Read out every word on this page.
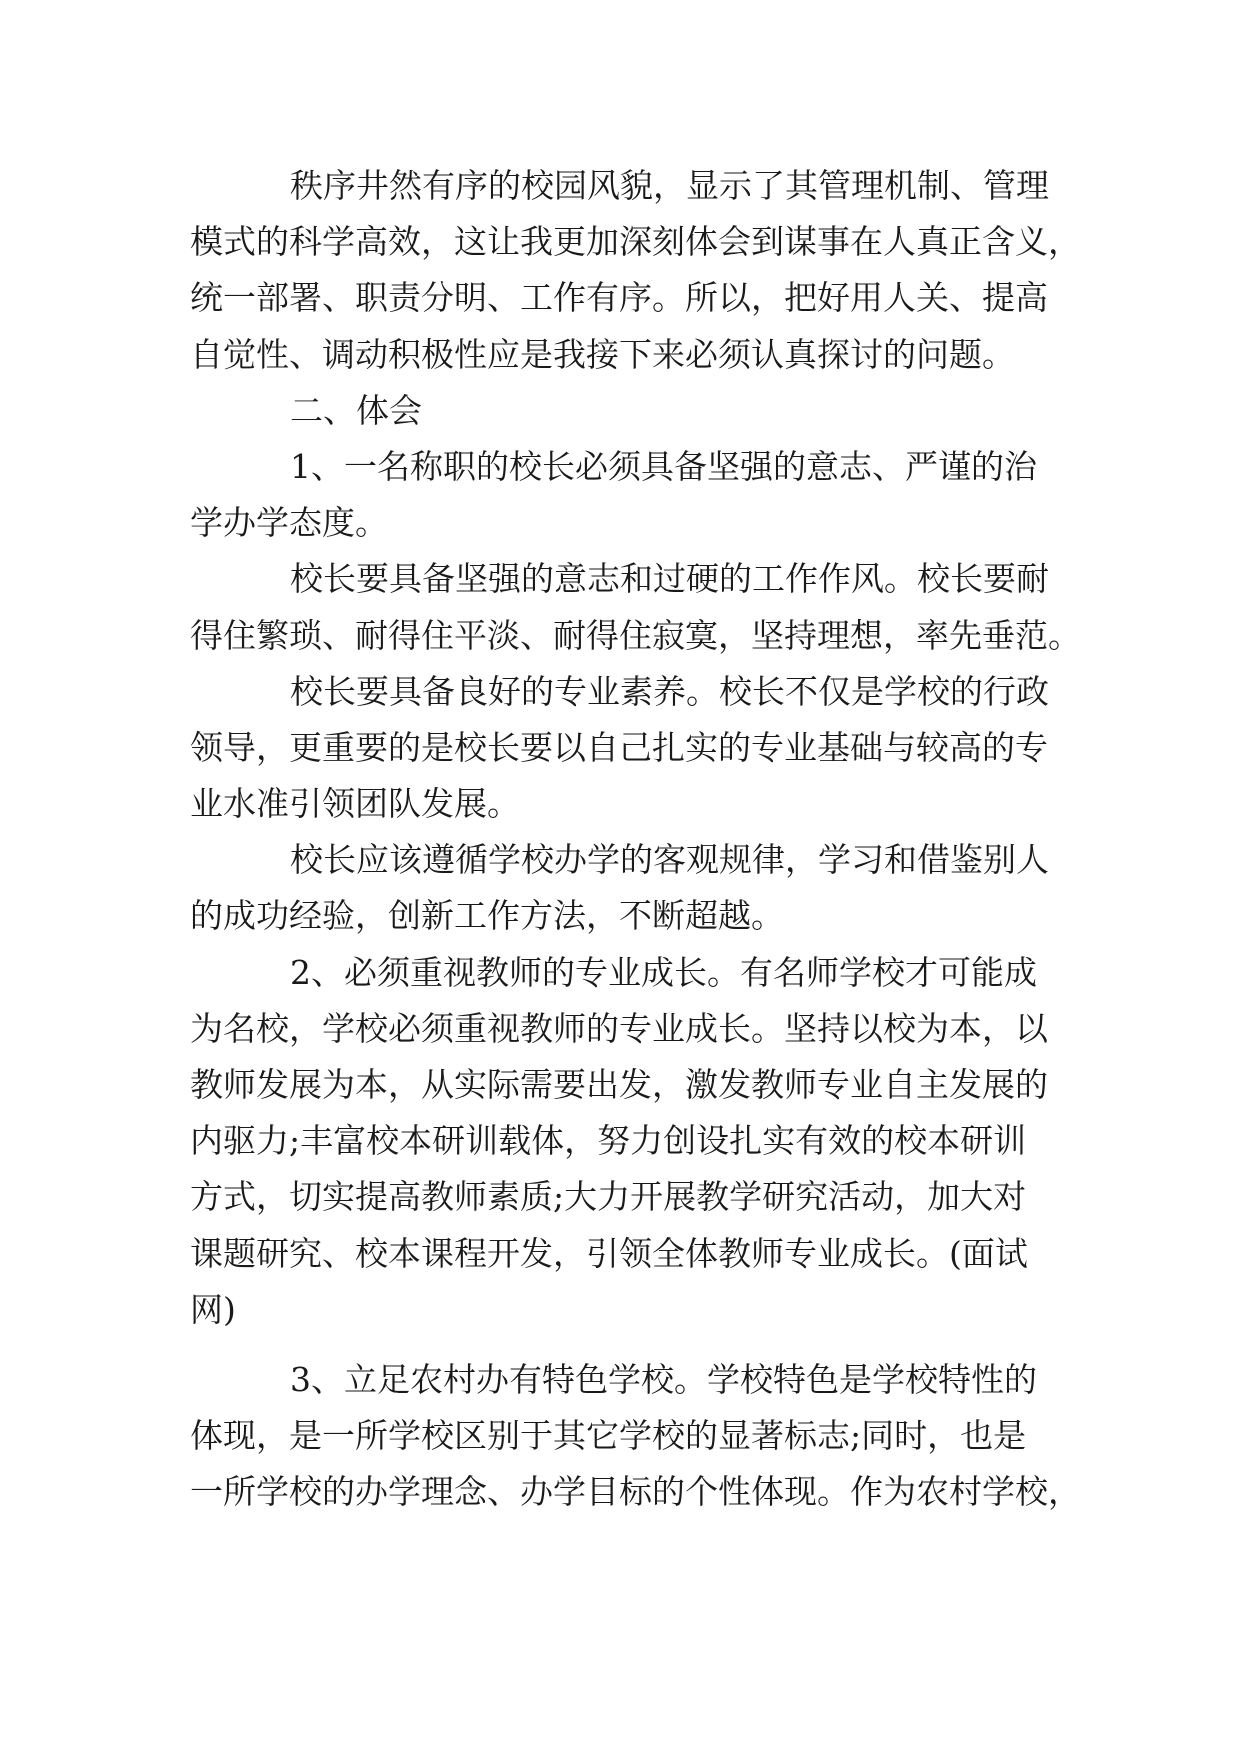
秩序井然有序的校园风貌，显示了其管理机制、管理
模式的科学高效，这让我更加深刻体会到谋事在人真正含义，
统一部署、职责分明、工作有序。所以，把好用人关、提高
自觉性、调动积极性应是我接下来必须认真探讨的问题。

二、体会

1、一名称职的校长必须具备坚强的意志、严谨的治
学办学态度。

校长要具备坚强的意志和过硬的工作作风。校长要耐
得住繁琐、耐得住平淡、耐得住寂寞，坚持理想，率先垂范。

校长要具备良好的专业素养。校长不仅是学校的行政
领导，更重要的是校长要以自己扎实的专业基础与较高的专
业水准引领团队发展。

校长应该遵循学校办学的客观规律，学习和借鉴别人
的成功经验，创新工作方法，不断超越。

2、必须重视教师的专业成长。有名师学校才可能成
为名校，学校必须重视教师的专业成长。坚持以校为本，以
教师发展为本，从实际需要出发，激发教师专业自主发展的
内驱力;丰富校本研训载体，努力创设扎实有效的校本研训
方式，切实提高教师素质;大力开展教学研究活动，加大对
课题研究、校本课程开发，引领全体教师专业成长。(面试
网)

3、立足农村办有特色学校。学校特色是学校特性的
体现，是一所学校区别于其它学校的显著标志;同时，也是
一所学校的办学理念、办学目标的个性体现。作为农村学校，
